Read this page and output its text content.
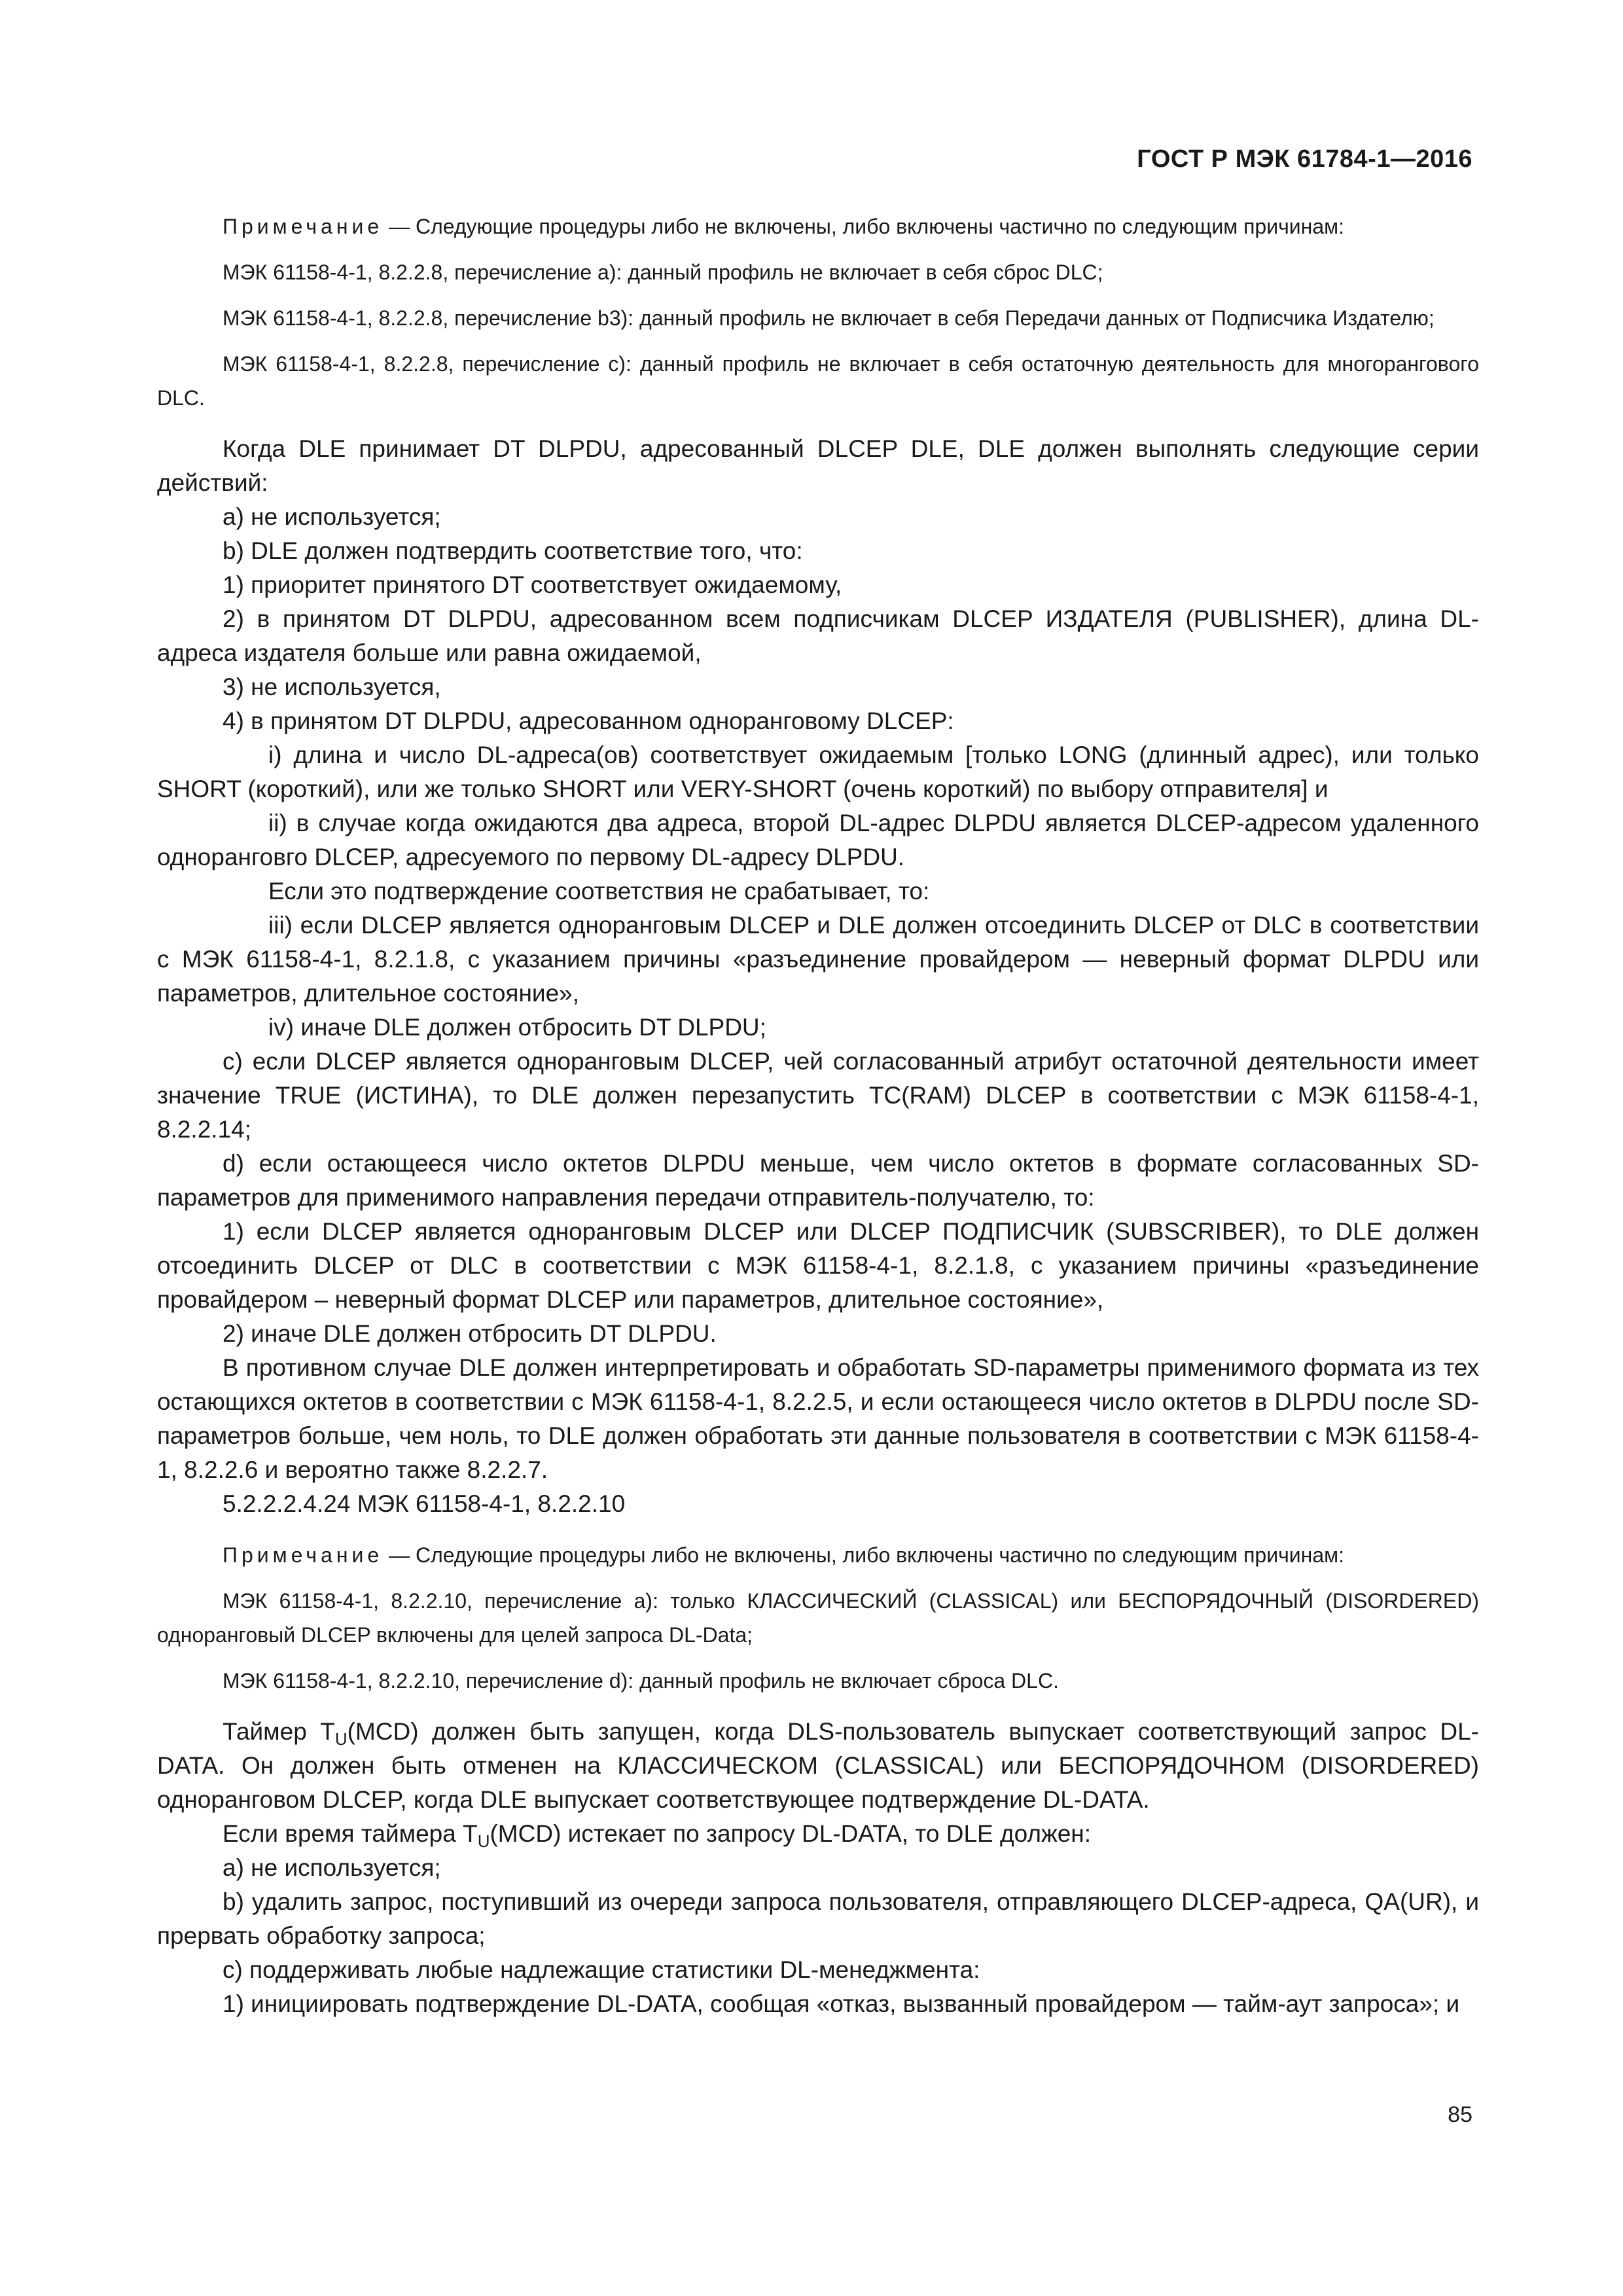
ГОСТ Р МЭК 61784-1—2016

Примечание — Следующие процедуры либо не включены, либо включены частично по следующим причинам:

МЭК 61158-4-1, 8.2.2.8, перечисление а): данный профиль не включает в себя сброс DLC;

МЭК 61158-4-1, 8.2.2.8, перечисление b3): данный профиль не включает в себя Передачи данных от Подписчика Издателю;

МЭК 61158-4-1, 8.2.2.8, перечисление с): данный профиль не включает в себя остаточную деятельность для многорангового DLC.

Когда DLE принимает DT DLPDU, адресованный DLCEP DLE, DLE должен выполнять следующие серии действий:

а) не используется;

b) DLE должен подтвердить соответствие того, что:

1) приоритет принятого DT соответствует ожидаемому,

2) в принятом DT DLPDU, адресованном всем подписчикам DLCEP ИЗДАТЕЛЯ (PUBLISHER), длина DL-адреса издателя больше или равна ожидаемой,

3) не используется,

4) в принятом DT DLPDU, адресованном одноранговому DLCEP:

i) длина и число DL-адреса(ов) соответствует ожидаемым [только LONG (длинный адрес), или только SHORT (короткий), или же только SHORT или VERY-SHORT (очень короткий) по выбору отправителя] и

ii) в случае когда ожидаются два адреса, второй DL-адрес DLPDU является DLCEP-адресом удаленного одноранговго DLCEP, адресуемого по первому DL-адресу DLPDU.

Если это подтверждение соответствия не срабатывает, то:

iii) если DLCEP является одноранговым DLCEP и DLE должен отсоединить DLCEP от DLC в соответствии с МЭК 61158-4-1, 8.2.1.8, с указанием причины «разъединение провайдером — неверный формат DLPDU или параметров, длительное состояние»,

iv) иначе DLE должен отбросить DT DLPDU;

с) если DLCEP является одноранговым DLCEP, чей согласованный атрибут остаточной деятельности имеет значение TRUE (ИСТИНА), то DLE должен перезапустить TC(RAM) DLCEP в соответствии с МЭК 61158-4-1, 8.2.2.14;

d) если остающееся число октетов DLPDU меньше, чем число октетов в формате согласованных SD-параметров для применимого направления передачи отправитель-получателю, то:

1) если DLCEP является одноранговым DLCEP или DLCEP ПОДПИСЧИК (SUBSCRIBER), то DLE должен отсоединить DLCEP от DLC в соответствии с МЭК 61158-4-1, 8.2.1.8, с указанием причины «разъединение провайдером – неверный формат DLCEP или параметров, длительное состояние»,

2) иначе DLE должен отбросить DT DLPDU.

В противном случае DLE должен интерпретировать и обработать SD-параметры применимого формата из тех остающихся октетов в соответствии с МЭК 61158-4-1, 8.2.2.5, и если остающееся число октетов в DLPDU после SD-параметров больше, чем ноль, то DLE должен обработать эти данные пользователя в соответствии с МЭК 61158-4-1, 8.2.2.6 и вероятно также 8.2.2.7.

5.2.2.2.4.24 МЭК 61158-4-1, 8.2.2.10

Примечание — Следующие процедуры либо не включены, либо включены частично по следующим причинам:

МЭК 61158-4-1, 8.2.2.10, перечисление а): только КЛАССИЧЕСКИЙ (CLASSICAL) или БЕСПОРЯДОЧНЫЙ (DISORDERED) одноранговый DLCEP включены для целей запроса DL-Data;

МЭК 61158-4-1, 8.2.2.10, перечисление d): данный профиль не включает сброса DLC.

Таймер $T_U(MCD)$ должен быть запущен, когда DLS-пользователь выпускает соответствующий запрос DL-DATA. Он должен быть отменен на КЛАССИЧЕСКОМ (CLASSICAL) или БЕСПОРЯДОЧНОМ (DISORDERED) одноранговом DLCEP, когда DLE выпускает соответствующее подтверждение DL-DATA.

Если время таймера $T_U(MCD)$ истекает по запросу DL-DATA, то DLE должен:

а) не используется;

b) удалить запрос, поступивший из очереди запроса пользователя, отправляющего DLCEP-адреса, QA(UR), и прервать обработку запроса;

с) поддерживать любые надлежащие статистики DL-менеджмента:

1) инициировать подтверждение DL-DATA, сообщая «отказ, вызванный провайдером — тайм-аут запроса»; и

85
